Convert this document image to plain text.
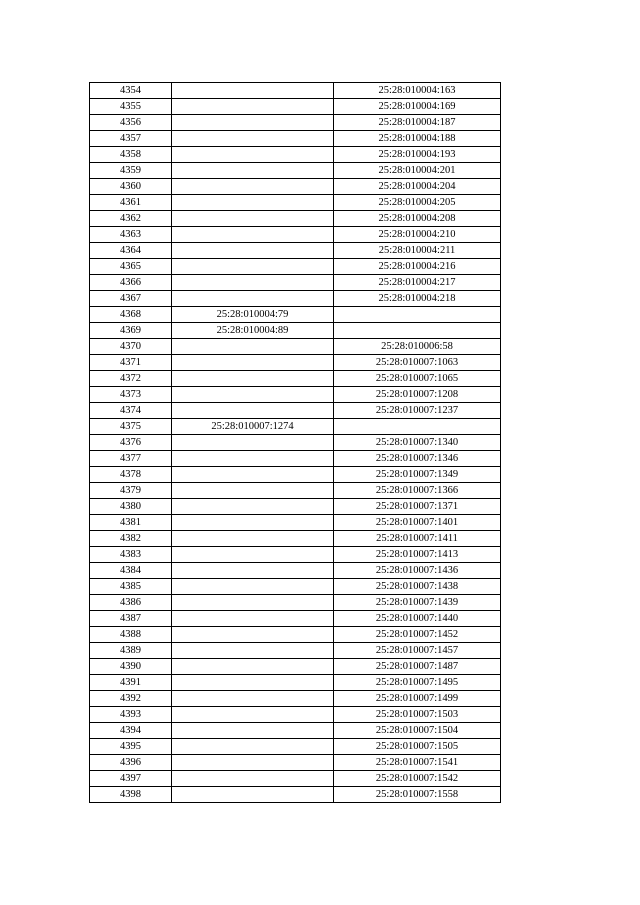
4354		25:28:010004:163
4355		25:28:010004:169
4356		25:28:010004:187
4357		25:28:010004:188
4358		25:28:010004:193
4359		25:28:010004:201
4360		25:28:010004:204
4361		25:28:010004:205
4362		25:28:010004:208
4363		25:28:010004:210
4364		25:28:010004:211
4365		25:28:010004:216
4366		25:28:010004:217
4367		25:28:010004:218
4368	25:28:010004:79	
4369	25:28:010004:89	
4370		25:28:010006:58
4371		25:28:010007:1063
4372		25:28:010007:1065
4373		25:28:010007:1208
4374		25:28:010007:1237
4375	25:28:010007:1274	
4376		25:28:010007:1340
4377		25:28:010007:1346
4378		25:28:010007:1349
4379		25:28:010007:1366
4380		25:28:010007:1371
4381		25:28:010007:1401
4382		25:28:010007:1411
4383		25:28:010007:1413
4384		25:28:010007:1436
4385		25:28:010007:1438
4386		25:28:010007:1439
4387		25:28:010007:1440
4388		25:28:010007:1452
4389		25:28:010007:1457
4390		25:28:010007:1487
4391		25:28:010007:1495
4392		25:28:010007:1499
4393		25:28:010007:1503
4394		25:28:010007:1504
4395		25:28:010007:1505
4396		25:28:010007:1541
4397		25:28:010007:1542
4398		25:28:010007:1558
